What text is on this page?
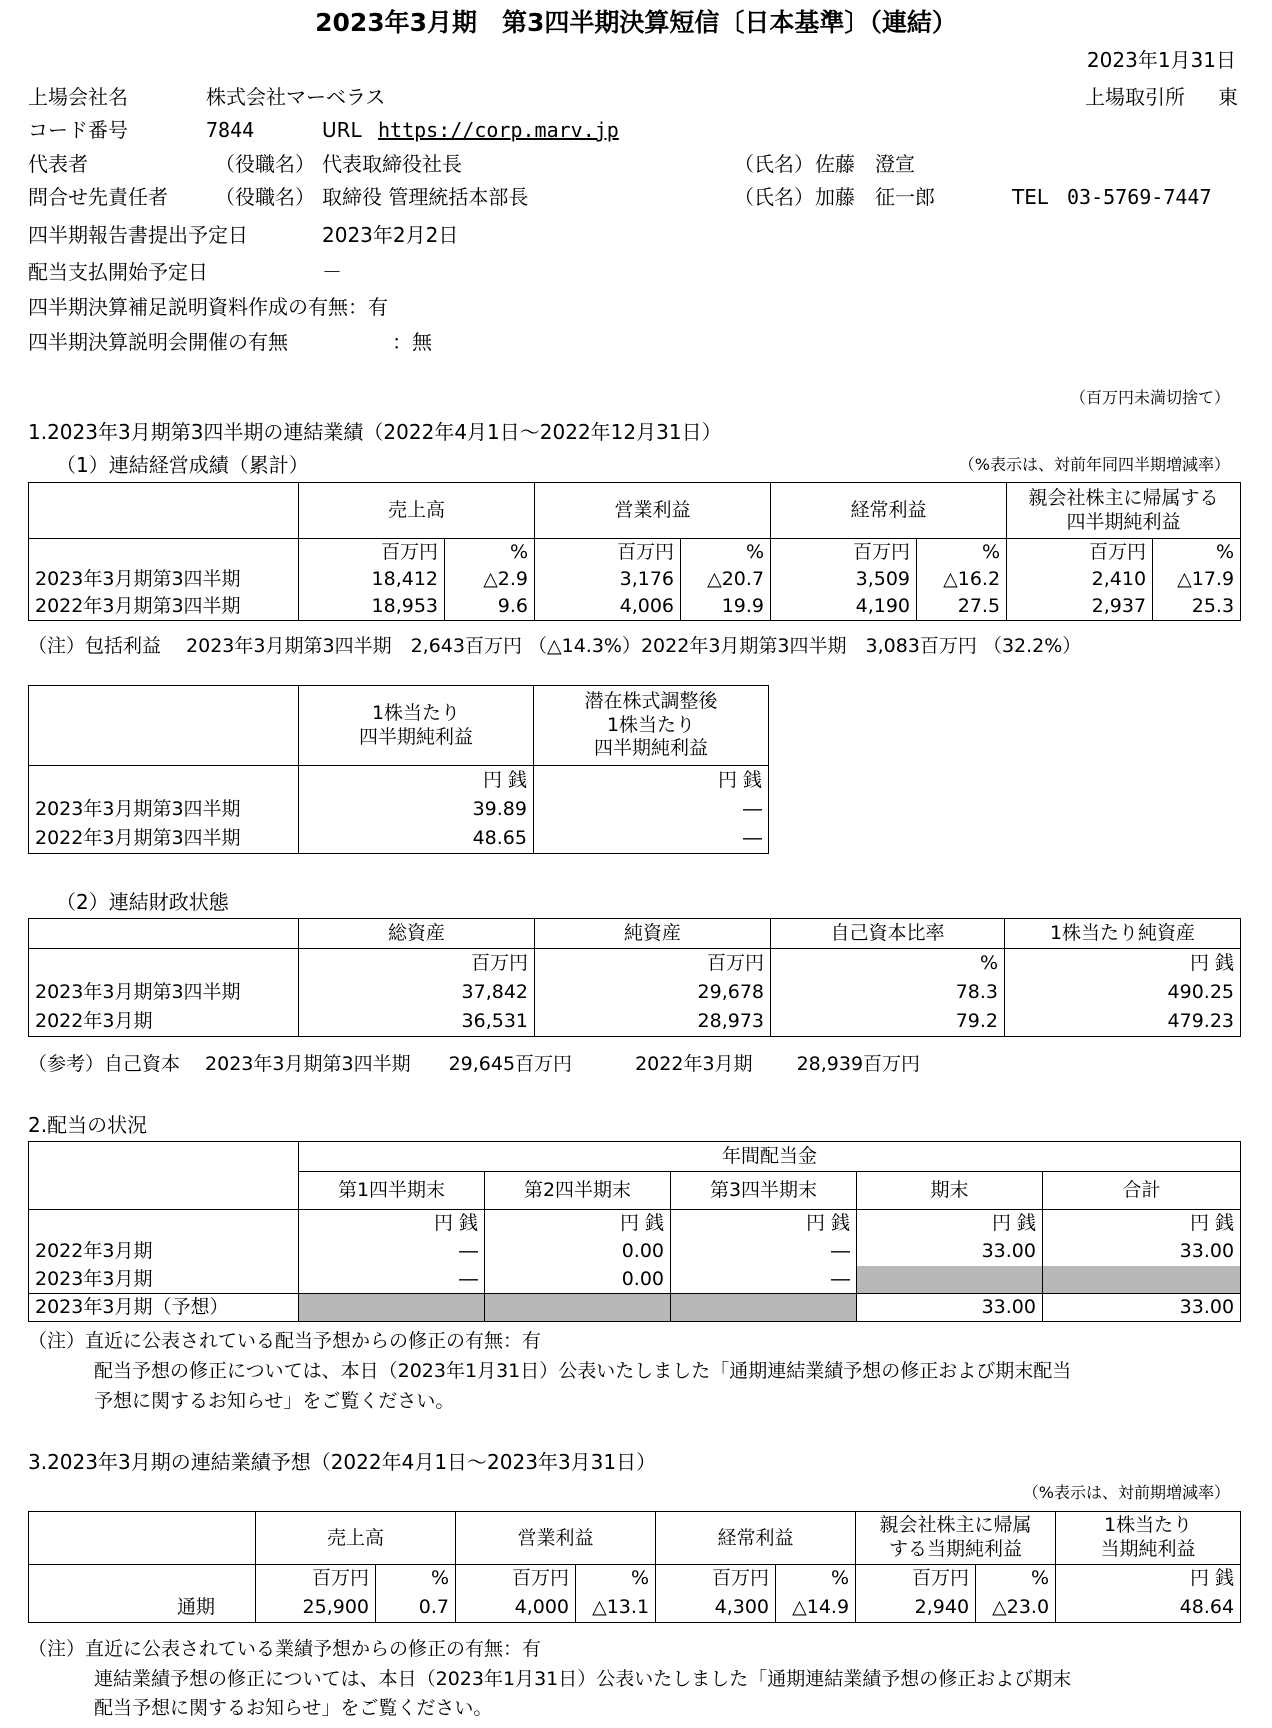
2023年3月期　第3四半期決算短信〔日本基準〕（連結）
2023年1月31日
上場会社名	株式会社マーベラス	上場取引所 東
コード番号	7844	URL https://corp.marv.jp
代表者	（役職名） 代表取締役社長	（氏名） 佐藤　澄宣
問合せ先責任者 （役職名） 取締役 管理統括本部長	（氏名） 加藤　征一郎	TEL 03-5769-7447
四半期報告書提出予定日	2023年2月2日
配当支払開始予定日	－
四半期決算補足説明資料作成の有無：有
四半期決算説明会開催の有無	：無
（百万円未満切捨て）
1.2023年3月期第3四半期の連結業績（2022年4月1日～2022年12月31日）
（1）連結経営成績（累計）	（%表示は、対前年同四半期増減率）
	売上高		営業利益		経常利益		親会社株主に帰属する
四半期純利益	
	百万円	%	百万円	%	百万円	%	百万円	%
2023年3月期第3四半期	18,412	△2.9	3,176	△20.7	3,509	△16.2	2,410	△17.9
2022年3月期第3四半期	18,953	9.6	4,006	19.9	4,190	27.5	2,937	25.3
（注）包括利益　 2023年3月期第3四半期　2,643百万円 （△14.3%）2022年3月期第3四半期　3,083百万円 （32.2%）
	1株当たり
四半期純利益	潜在株式調整後
1株当たり
四半期純利益
	円 銭	円 銭
2023年3月期第3四半期	39.89	―
2022年3月期第3四半期	48.65	―
（2）連結財政状態
	総資産	純資産	自己資本比率	1株当たり純資産
	百万円	百万円	%	円 銭
2023年3月期第3四半期	37,842	29,678	78.3	490.25
2022年3月期	36,531	28,973	79.2	479.23
（参考）自己資本　 2023年3月期第3四半期　　29,645百万円　　　 2022年3月期　　 28,939百万円
2.配当の状況
	年間配当金				
	第1四半期末	第2四半期末	第3四半期末	期末	合計
	円 銭	円 銭	円 銭	円 銭	円 銭
2022年3月期	―	0.00	―	33.00	33.00
2023年3月期	―	0.00	―		
2023年3月期（予想）				33.00	33.00
（注）直近に公表されている配当予想からの修正の有無：有
配当予想の修正については、本日（2023年1月31日）公表いたしました「通期連結業績予想の修正および期末配当
予想に関するお知らせ」をご覧ください。
3.2023年3月期の連結業績予想（2022年4月1日～2023年3月31日）
（%表示は、対前期増減率）
	売上高		営業利益		経常利益		親会社株主に帰属
する当期純利益		1株当たり
当期純利益
	百万円	%	百万円	%	百万円	%	百万円	%	円 銭
通期	25,900	0.7	4,000	△13.1	4,300	△14.9	2,940	△23.0	48.64
（注）直近に公表されている業績予想からの修正の有無：有
連結業績予想の修正については、本日（2023年1月31日）公表いたしました「通期連結業績予想の修正および期末
配当予想に関するお知らせ」をご覧ください。
